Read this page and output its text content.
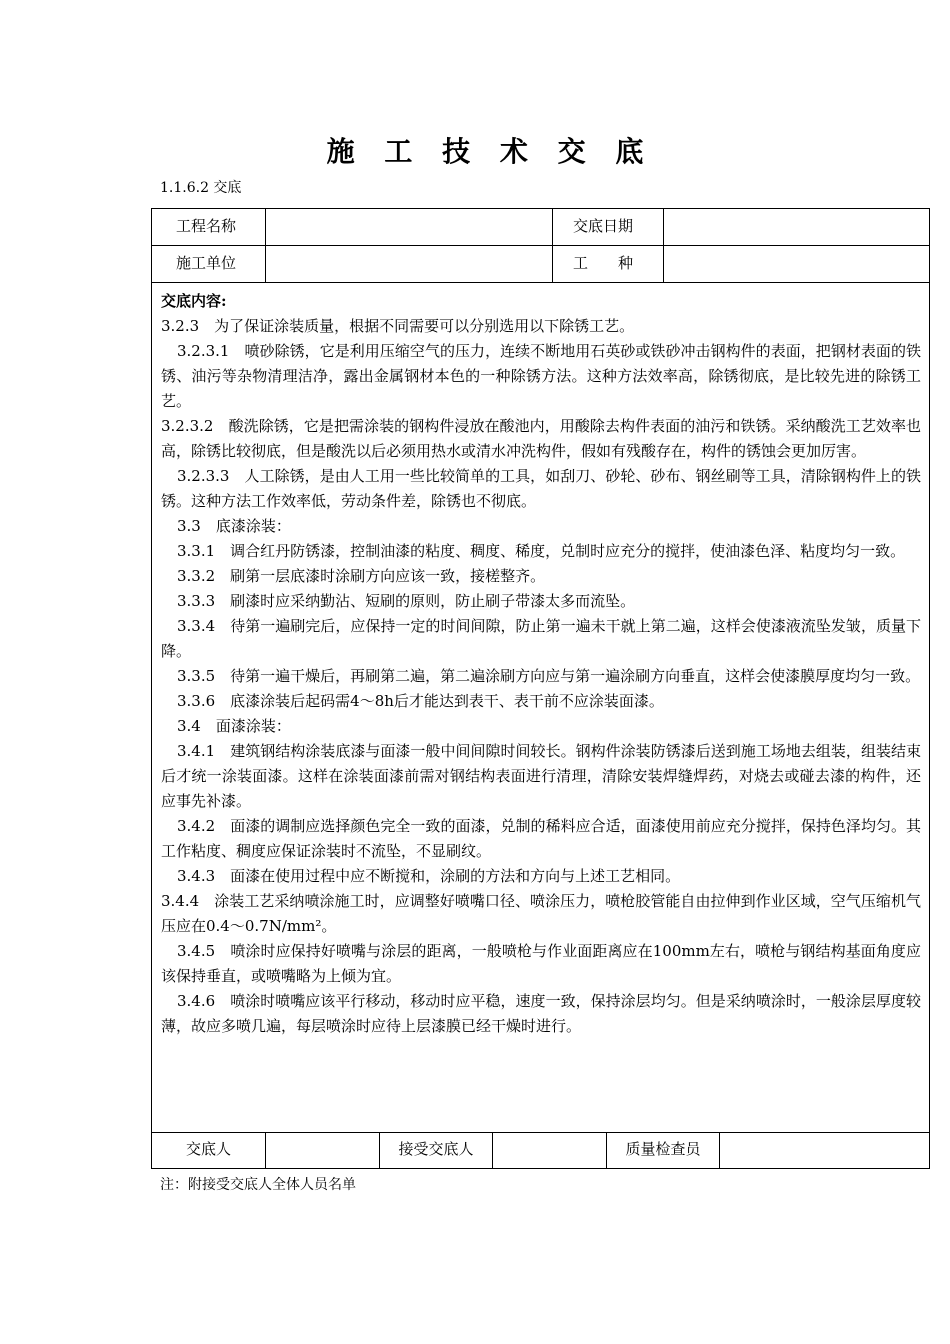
施 工 技 术 交 底
1.1.6.2 交底
工程名称	交底日期
施工单位	工　　种
交底内容:

3.2.3　为了保证涂装质量，根据不同需要可以分别选用以下除锈工艺。

3.2.3.1　喷砂除锈，它是利用压缩空气的压力，连续不断地用石英砂或铁砂冲击钢构件的表面，把钢材表面的铁锈、油污等杂物清理洁净，露出金属钢材本色的一种除锈方法。这种方法效率高，除锈彻底，是比较先进的除锈工艺。

3.2.3.2　酸洗除锈，它是把需涂装的钢构件浸放在酸池内，用酸除去构件表面的油污和铁锈。采纳酸洗工艺效率也高，除锈比较彻底，但是酸洗以后必须用热水或清水冲洗构件，假如有残酸存在，构件的锈蚀会更加厉害。

3.2.3.3　人工除锈，是由人工用一些比较简单的工具，如刮刀、砂轮、砂布、钢丝刷等工具，清除钢构件上的铁锈。这种方法工作效率低，劳动条件差，除锈也不彻底。

3.3　底漆涂装：

3.3.1　调合红丹防锈漆，控制油漆的粘度、稠度、稀度，兑制时应充分的搅拌，使油漆色泽、粘度均匀一致。

3.3.2　刷第一层底漆时涂刷方向应该一致，接槎整齐。

3.3.3　刷漆时应采纳勤沾、短刷的原则，防止刷子带漆太多而流坠。

3.3.4　待第一遍刷完后，应保持一定的时间间隙，防止第一遍未干就上第二遍，这样会使漆液流坠发皱，质量下降。

3.3.5　待第一遍干燥后，再刷第二遍，第二遍涂刷方向应与第一遍涂刷方向垂直，这样会使漆膜厚度均匀一致。

3.3.6　底漆涂装后起码需4～8h后才能达到表干、表干前不应涂装面漆。

3.4　面漆涂装：

3.4.1　建筑钢结构涂装底漆与面漆一般中间间隙时间较长。钢构件涂装防锈漆后送到施工场地去组装，组装结束后才统一涂装面漆。这样在涂装面漆前需对钢结构表面进行清理，清除安装焊缝焊药，对烧去或碰去漆的构件，还应事先补漆。

3.4.2　面漆的调制应选择颜色完全一致的面漆，兑制的稀料应合适，面漆使用前应充分搅拌，保持色泽均匀。其工作粘度、稠度应保证涂装时不流坠，不显刷纹。

3.4.3　面漆在使用过程中应不断搅和，涂刷的方法和方向与上述工艺相同。

3.4.4　涂装工艺采纳喷涂施工时，应调整好喷嘴口径、喷涂压力，喷枪胶管能自由拉伸到作业区域，空气压缩机气压应在0.4～0.7N/mm²。

3.4.5　喷涂时应保持好喷嘴与涂层的距离，一般喷枪与作业面距离应在100mm左右，喷枪与钢结构基面角度应该保持垂直，或喷嘴略为上倾为宜。

3.4.6　喷涂时喷嘴应该平行移动，移动时应平稳，速度一致，保持涂层均匀。但是采纳喷涂时，一般涂层厚度较薄，故应多喷几遍，每层喷涂时应待上层漆膜已经干燥时进行。

交底人	接受交底人	质量检查员
注：附接受交底人全体人员名单
